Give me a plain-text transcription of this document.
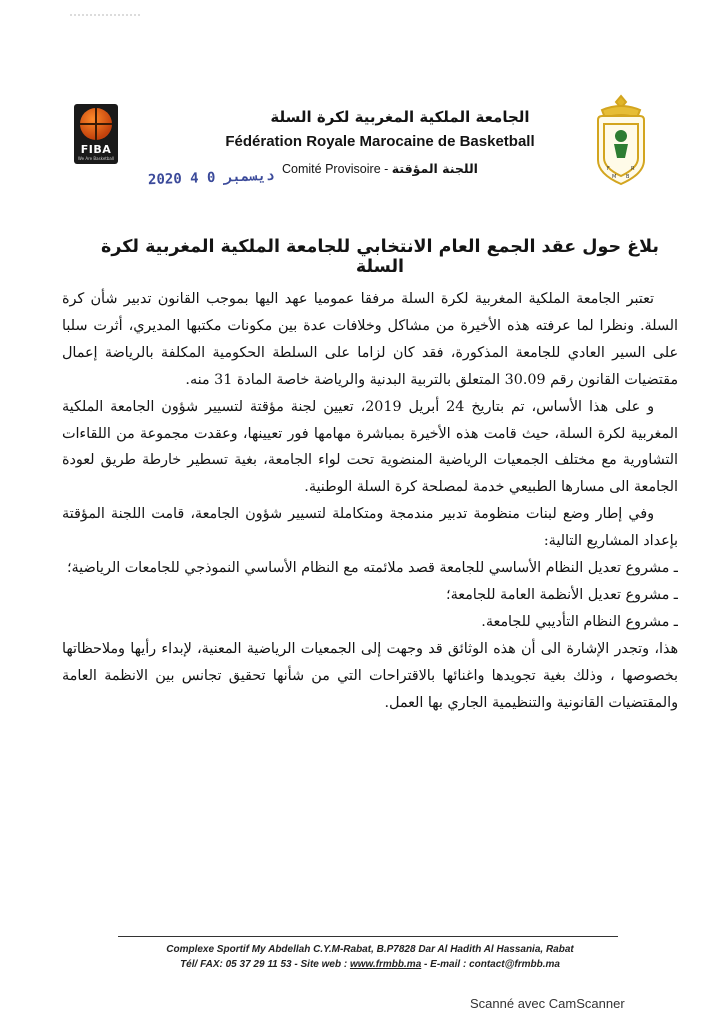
FIBA
We Are Basketball
F	R
M B
الجامعة الملكية المغربية لكرة السلة
Fédération Royale Marocaine de Basketball
Comité Provisoire - اللجنة المؤقتة
2020 ﺩﻳﺴﻤﺒﺮ 0 4
بلاغ حول عقد الجمع العام الانتخابي للجامعة الملكية المغربية لكرة السلة

تعتبر الجامعة الملكية المغربية لكرة السلة مرفقا عموميا عهد اليها بموجب القانون تدبير شأن كرة السلة. ونظرا لما عرفته هذه الأخيرة من مشاكل وخلافات عدة بين مكونات مكتبها المديري، أثرت سلبا على السير العادي للجامعة المذكورة، فقد كان لزاما على السلطة الحكومية المكلفة بالرياضة إعمال مقتضيات القانون رقم 30.09 المتعلق بالتربية البدنية والرياضة خاصة المادة 31 منه.

و على هذا الأساس، تم بتاريخ 24 أبريل 2019، تعيين لجنة مؤقتة لتسيير شؤون الجامعة الملكية المغربية لكرة السلة، حيث قامت هذه الأخيرة بمباشرة مهامها فور تعيينها، وعقدت مجموعة من اللقاءات التشاورية مع مختلف الجمعيات الرياضية المنضوية تحت لواء الجامعة، بغية تسطير خارطة طريق لعودة الجامعة الى مسارها الطبيعي خدمة لمصلحة كرة السلة الوطنية.

وفي إطار وضع لبنات منظومة تدبير مندمجة ومتكاملة لتسيير شؤون الجامعة، قامت اللجنة المؤقتة بإعداد المشاريع التالية:

ـ مشروع تعديل النظام الأساسي للجامعة قصد ملائمته مع النظام الأساسي النموذجي للجامعات الرياضية؛

ـ مشروع تعديل الأنظمة العامة للجامعة؛

ـ مشروع النظام التأديبي للجامعة.

هذا، وتجدر الإشارة الى أن هذه الوثائق قد وجهت إلى الجمعيات الرياضية المعنية، لإبداء رأيها وملاحظاتها بخصوصها ، وذلك بغية تجويدها واغنائها بالاقتراحات التي من شأنها تحقيق تجانس بين الانظمة العامة والمقتضيات القانونية والتنظيمية الجاري بها العمل.

Complexe Sportif My Abdellah C.Y.M-Rabat, B.P7828 Dar Al Hadith Al Hassania, Rabat
Tél/ FAX: 05 37 29 11 53 - Site web : www.frmbb.ma - E-mail : contact@frmbb.ma
Scanné avec CamScanner
